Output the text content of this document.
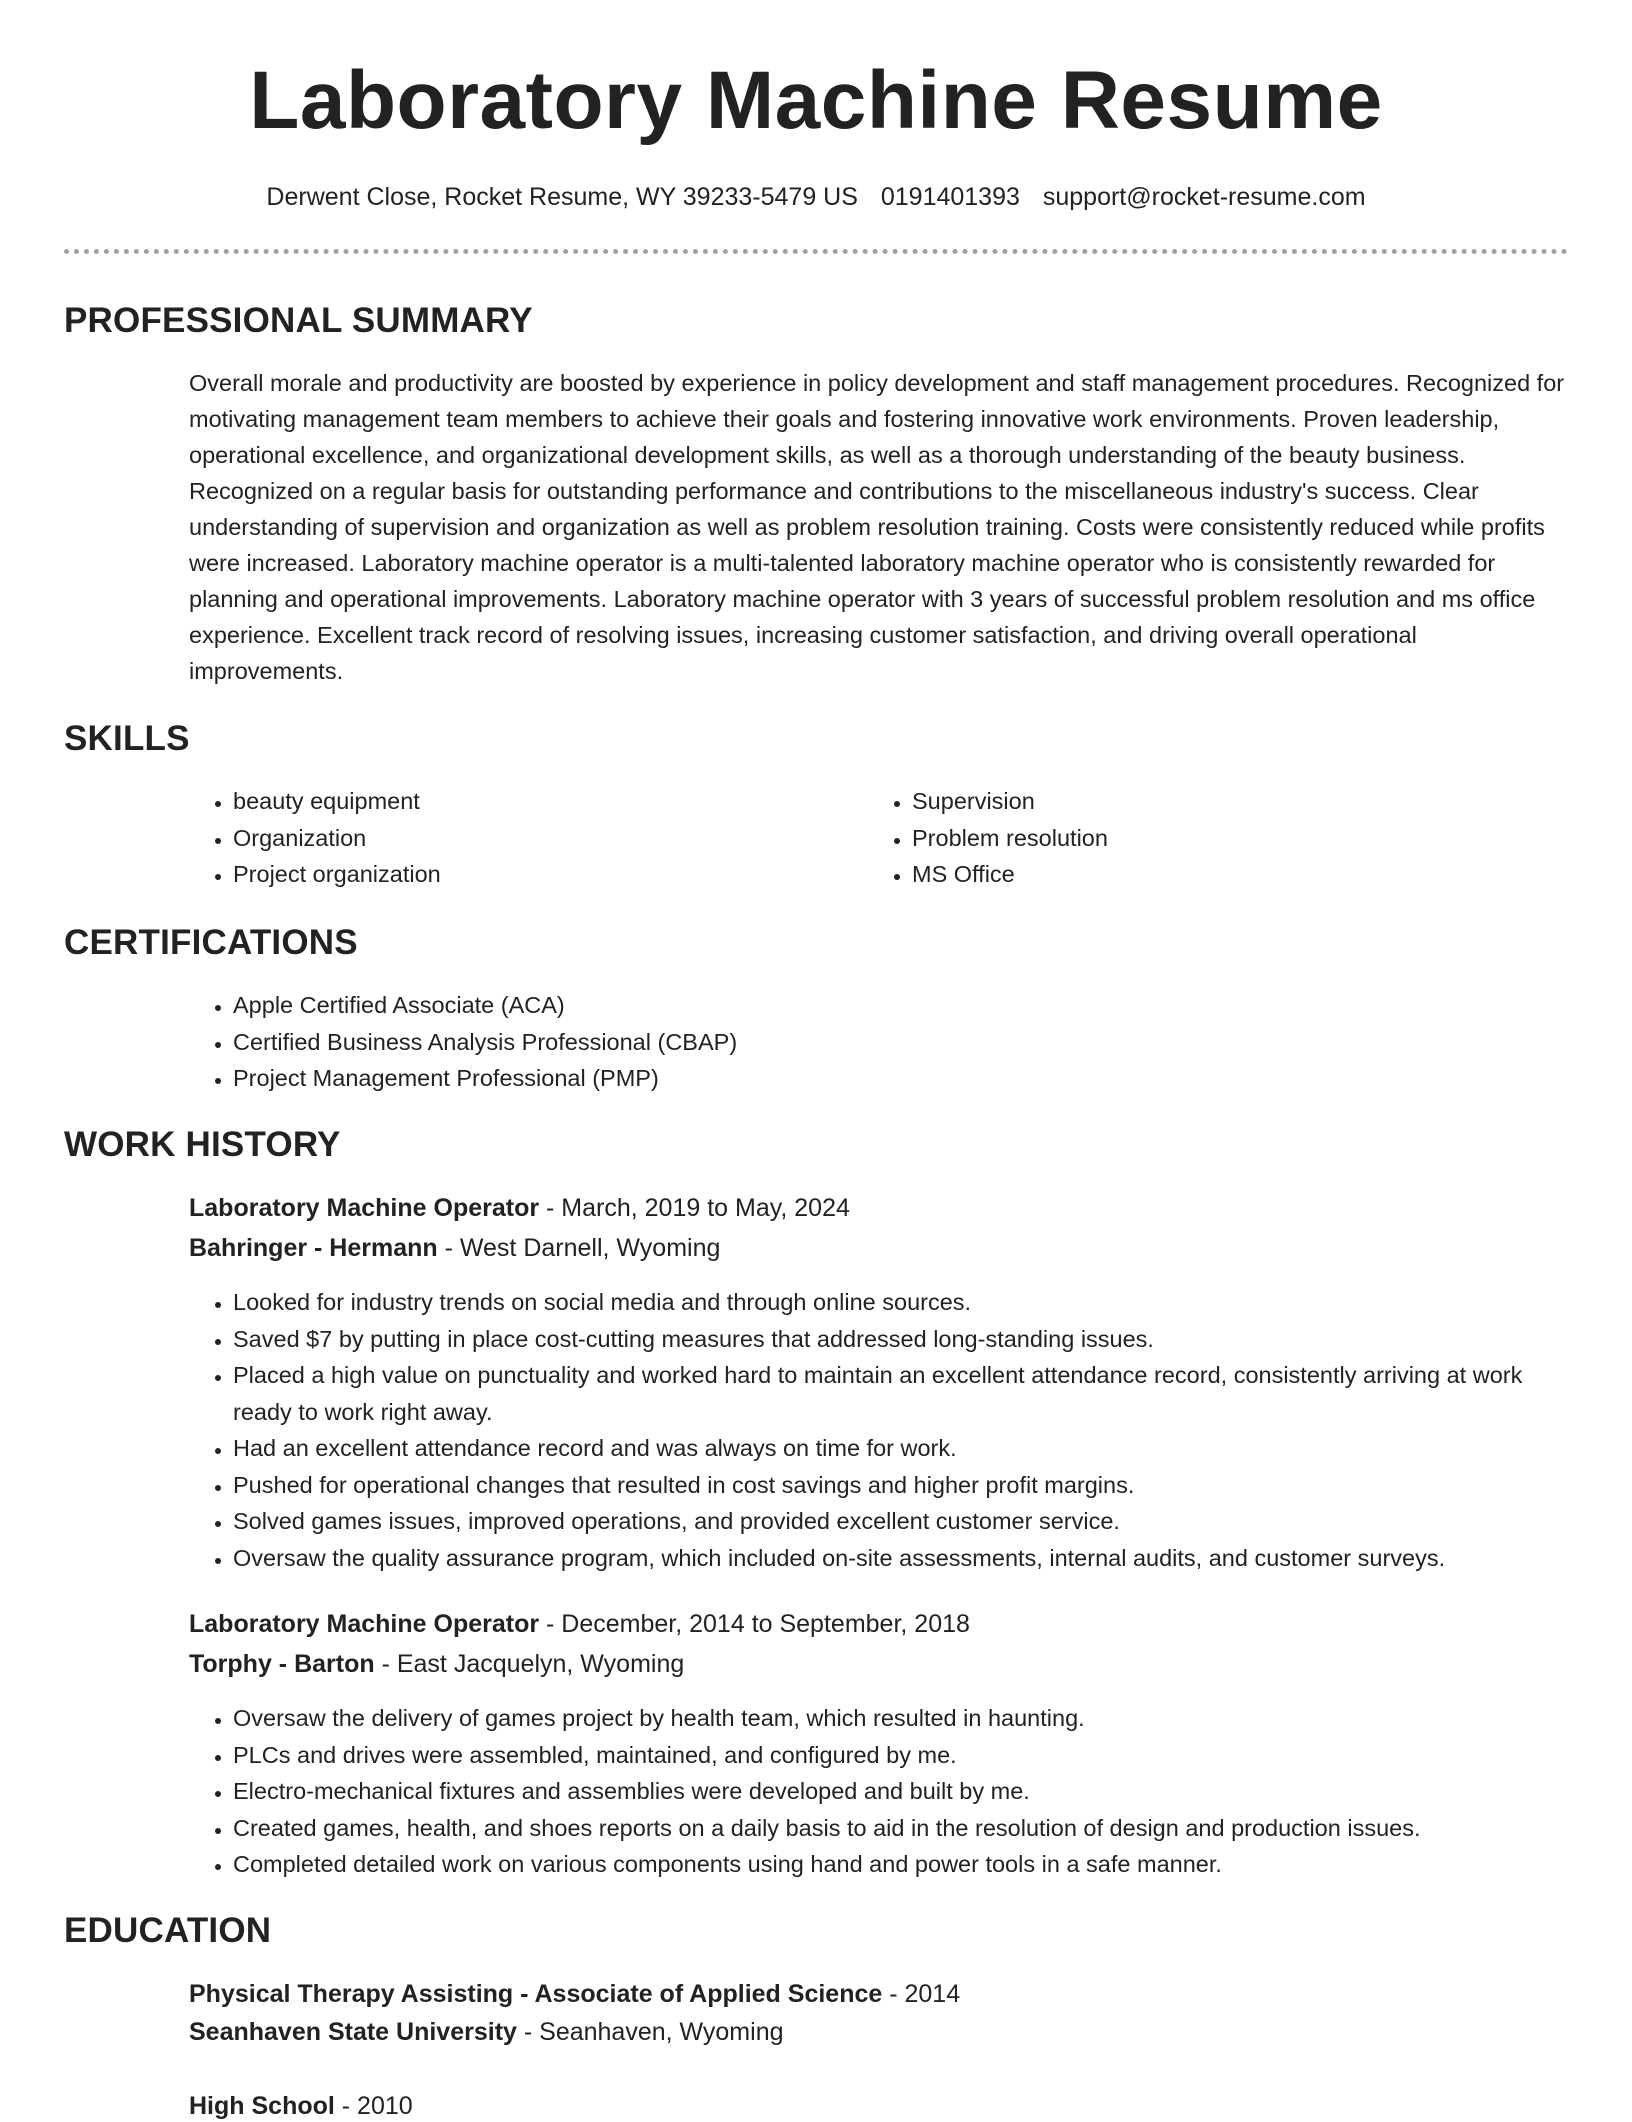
Laboratory Machine Resume
Derwent Close, Rocket Resume, WY 39233-5479 US 0191401393 support@rocket-resume.com
PROFESSIONAL SUMMARY

Overall morale and productivity are boosted by experience in policy development and staff management procedures. Recognized for motivating management team members to achieve their goals and fostering innovative work environments. Proven leadership, operational excellence, and organizational development skills, as well as a thorough understanding of the beauty business. Recognized on a regular basis for outstanding performance and contributions to the miscellaneous industry's success. Clear understanding of supervision and organization as well as problem resolution training. Costs were consistently reduced while profits were increased. Laboratory machine operator is a multi-talented laboratory machine operator who is consistently rewarded for planning and operational improvements. Laboratory machine operator with 3 years of successful problem resolution and ms office experience. Excellent track record of resolving issues, increasing customer satisfaction, and driving overall operational improvements.

SKILLS
• beauty equipment
• Organization
• Project organization
• Supervision
• Problem resolution
• MS Office
CERTIFICATIONS
• Apple Certified Associate (ACA)
• Certified Business Analysis Professional (CBAP)
• Project Management Professional (PMP)
WORK HISTORY
Laboratory Machine Operator - March, 2019 to May, 2024
Bahringer - Hermann - West Darnell, Wyoming
• Looked for industry trends on social media and through online sources.
• Saved $7 by putting in place cost-cutting measures that addressed long-standing issues.
• Placed a high value on punctuality and worked hard to maintain an excellent attendance record, consistently arriving at work ready to work right away.
• Had an excellent attendance record and was always on time for work.
• Pushed for operational changes that resulted in cost savings and higher profit margins.
• Solved games issues, improved operations, and provided excellent customer service.
• Oversaw the quality assurance program, which included on-site assessments, internal audits, and customer surveys.
Laboratory Machine Operator - December, 2014 to September, 2018
Torphy - Barton - East Jacquelyn, Wyoming
• Oversaw the delivery of games project by health team, which resulted in haunting.
• PLCs and drives were assembled, maintained, and configured by me.
• Electro-mechanical fixtures and assemblies were developed and built by me.
• Created games, health, and shoes reports on a daily basis to aid in the resolution of design and production issues.
• Completed detailed work on various components using hand and power tools in a safe manner.
EDUCATION
Physical Therapy Assisting - Associate of Applied Science - 2014
Seanhaven State University - Seanhaven, Wyoming
High School - 2010
